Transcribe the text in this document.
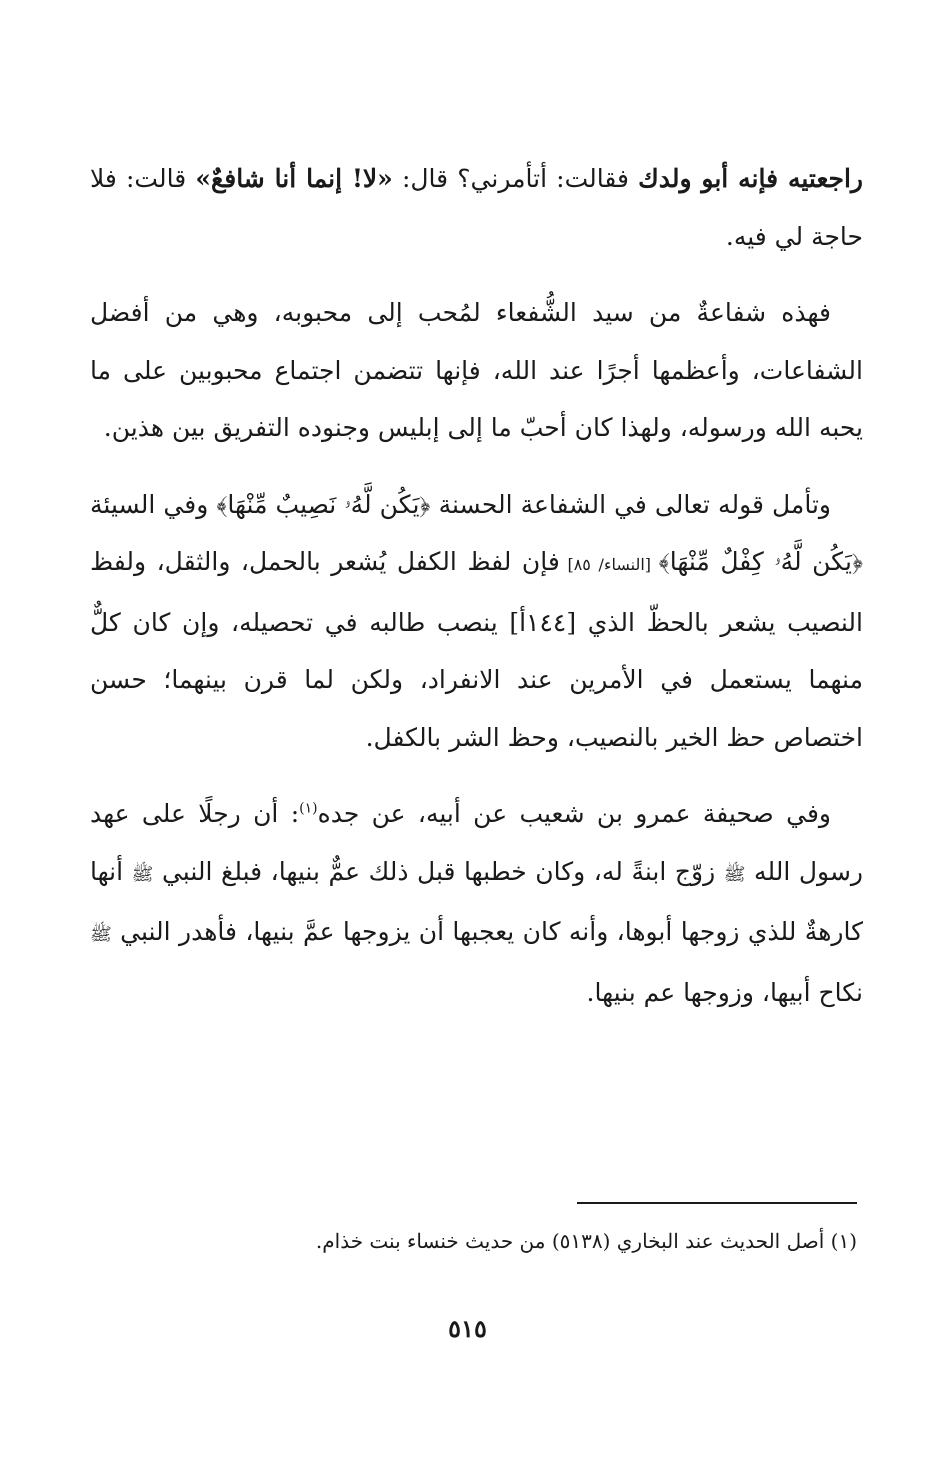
راجعتيه فإنه أبو ولدك فقالت: أتأمرني؟ قال: «لا! إنما أنا شافعٌ» قالت: فلا حاجة لي فيه.

فهذه شفاعةٌ من سيد الشُّفعاء لمُحب إلى محبوبه، وهي من أفضل الشفاعات، وأعظمها أجرًا عند الله، فإنها تتضمن اجتماع محبوبين على ما يحبه الله ورسوله، ولهذا كان أحبّ ما إلى إبليس وجنوده التفريق بين هذين.

وتأمل قوله تعالى في الشفاعة الحسنة ﴿يَكُن لَّهُۥ نَصِيبٌ مِّنْهَا﴾ وفي السيئة ﴿يَكُن لَّهُۥ كِفْلٌ مِّنْهَا﴾ [النساء/ ٨٥] فإن لفظ الكفل يُشعر بالحمل، والثقل، ولفظ النصيب يشعر بالحظّ الذي [١٤٤أ] ينصب طالبه في تحصيله، وإن كان كلٌّ منهما يستعمل في الأمرين عند الانفراد، ولكن لما قرن بينهما؛ حسن اختصاص حظ الخير بالنصيب، وحظ الشر بالكفل.

وفي صحيفة عمرو بن شعيب عن أبيه، عن جده$^{(١)}$: أن رجلًا على عهد رسول الله ﷺ زوّج ابنةً له، وكان خطبها قبل ذلك عمٌّ بنيها، فبلغ النبي ﷺ أنها كارهةٌ للذي زوجها أبوها، وأنه كان يعجبها أن يزوجها عمَّ بنيها، فأهدر النبي ﷺ نكاح أبيها، وزوجها عم بنيها.

(١) أصل الحديث عند البخاري (٥١٣٨) من حديث خنساء بنت خذام.
٥١٥
